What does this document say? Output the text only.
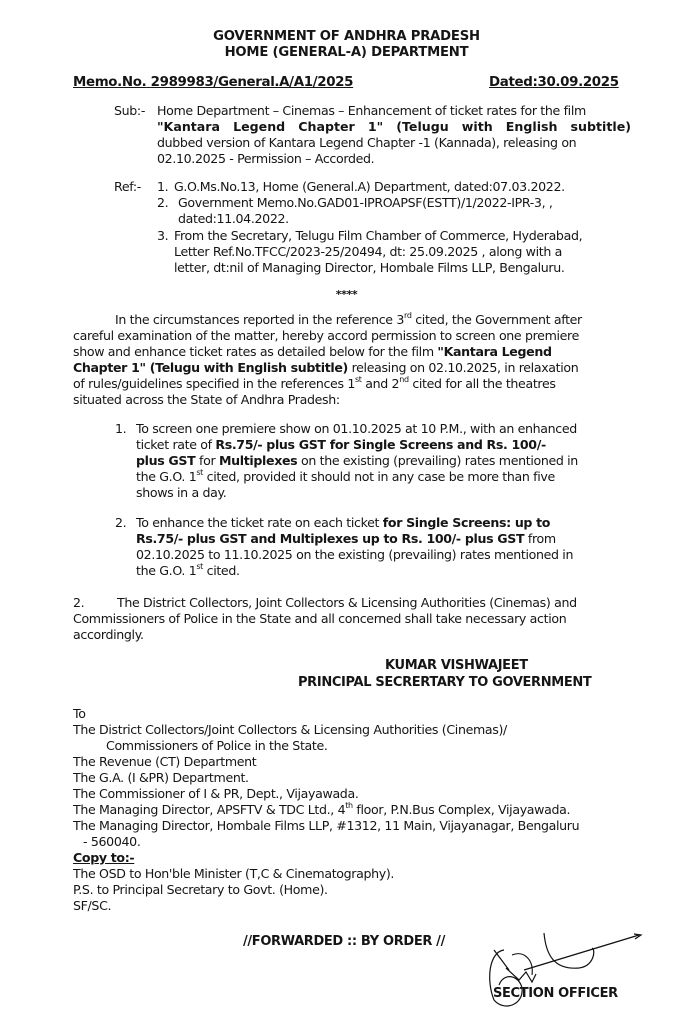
GOVERNMENT OF ANDHRA PRADESH
HOME (GENERAL-A) DEPARTMENT
Memo.No. 2989983/General.A/A1/2025	Dated:30.09.2025
Sub:- Home Department – Cinemas – Enhancement of ticket rates for the film
"Kantara Legend Chapter 1" (Telugu with English subtitle)
dubbed version of Kantara Legend Chapter -1 (Kannada), releasing on
02.10.2025 - Permission – Accorded.
Ref:- 1. G.O.Ms.No.13, Home (General.A) Department, dated:07.03.2022.
2. Government Memo.No.GAD01-IPROAPSF(ESTT)/1/2022-IPR-3, ,
dated:11.04.2022.
3. From the Secretary, Telugu Film Chamber of Commerce, Hyderabad,
Letter Ref.No.TFCC/2023-25/20494, dt: 25.09.2025 , along with a
letter, dt:nil of Managing Director, Hombale Films LLP, Bengaluru.
****
In the circumstances reported in the reference 3rd cited, the Government after
careful examination of the matter, hereby accord permission to screen one premiere
show and enhance ticket rates as detailed below for the film "Kantara Legend
Chapter 1" (Telugu with English subtitle) releasing on 02.10.2025, in relaxation
of rules/guidelines specified in the references 1st and 2nd cited for all the theatres
situated across the State of Andhra Pradesh:
1. To screen one premiere show on 01.10.2025 at 10 P.M., with an enhanced
ticket rate of Rs.75/- plus GST for Single Screens and Rs. 100/-
plus GST for Multiplexes on the existing (prevailing) rates mentioned in
the G.O. 1st cited, provided it should not in any case be more than five
shows in a day.
2. To enhance the ticket rate on each ticket for Single Screens: up to
Rs.75/- plus GST and Multiplexes up to Rs. 100/- plus GST from
02.10.2025 to 11.10.2025 on the existing (prevailing) rates mentioned in
the G.O. 1st cited.
2.	The District Collectors, Joint Collectors & Licensing Authorities (Cinemas) and
Commissioners of Police in the State and all concerned shall take necessary action
accordingly.
KUMAR VISHWAJEET
PRINCIPAL SECRERTARY TO GOVERNMENT
To
The District Collectors/Joint Collectors & Licensing Authorities (Cinemas)/
Commissioners of Police in the State.
The Revenue (CT) Department
The G.A. (I &PR) Department.
The Commissioner of I & PR, Dept., Vijayawada.
The Managing Director, APSFTV & TDC Ltd., 4th floor, P.N.Bus Complex, Vijayawada.
The Managing Director, Hombale Films LLP, #1312, 11 Main, Vijayanagar, Bengaluru
- 560040.
Copy to:-
The OSD to Hon'ble Minister (T,C & Cinematography).
P.S. to Principal Secretary to Govt. (Home).
SF/SC.
//FORWARDED :: BY ORDER //
SECTION OFFICER
